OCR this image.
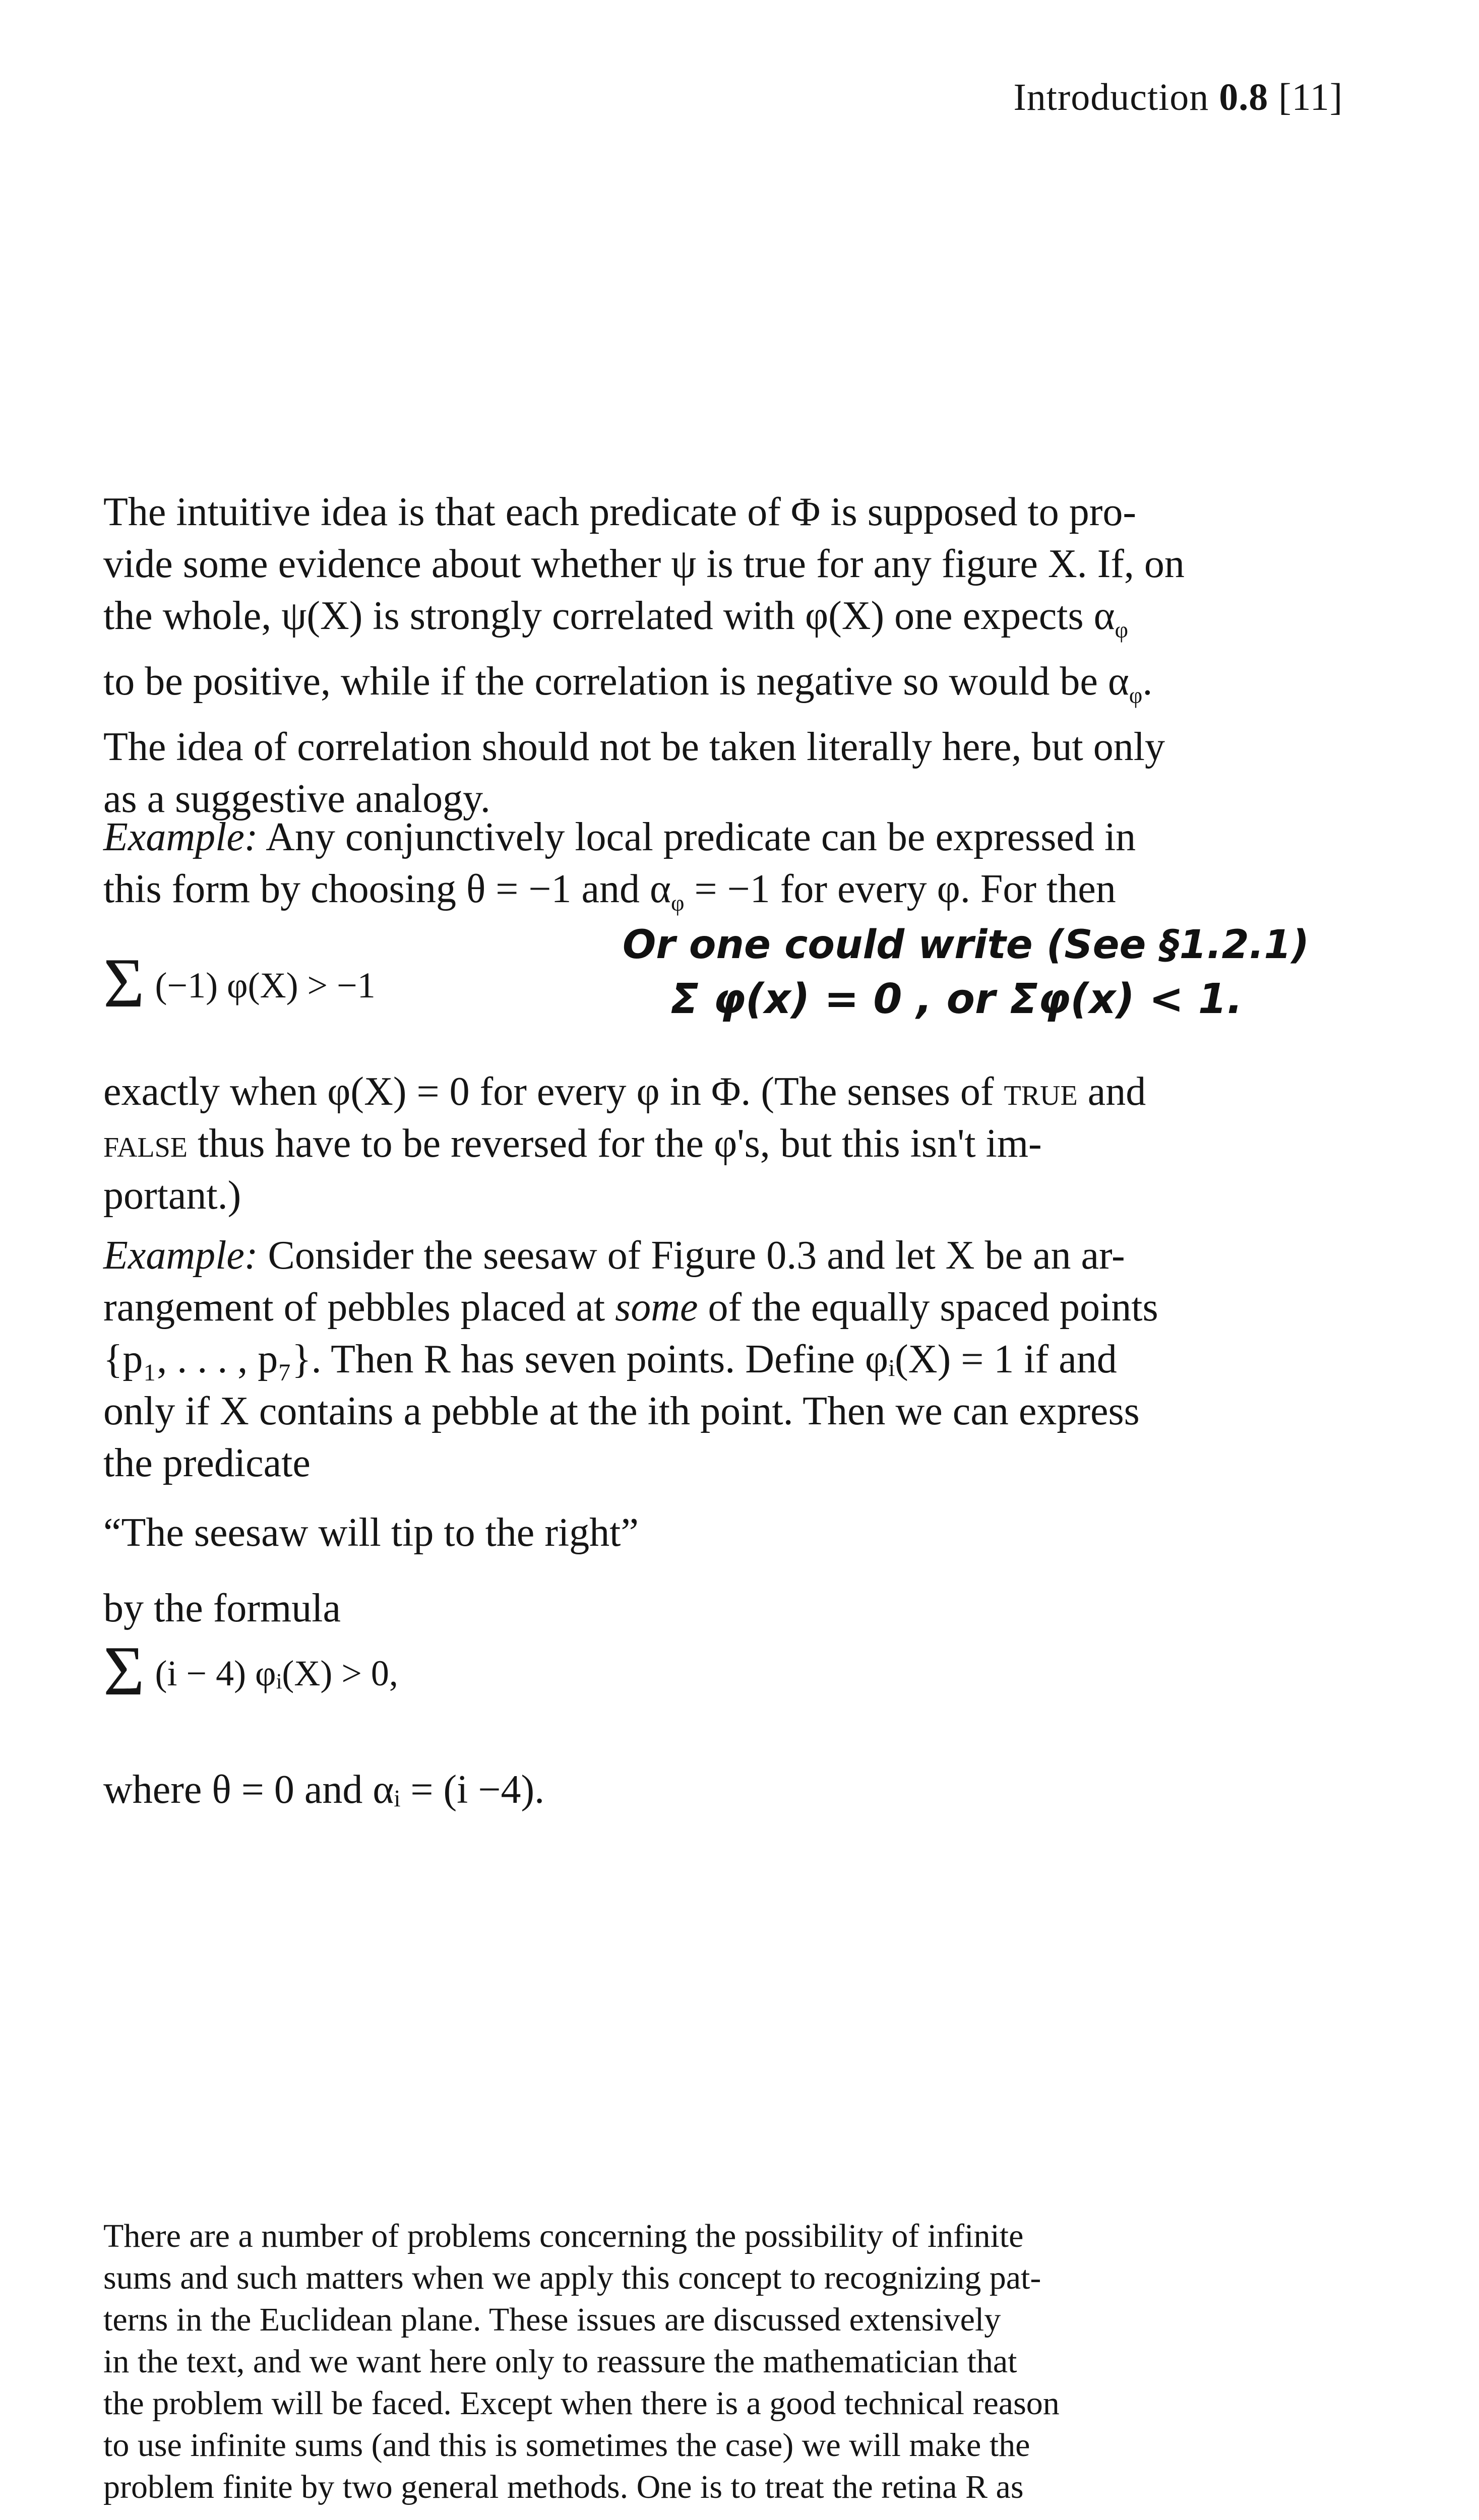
Introduction 0.8 [11]

The intuitive idea is that each predicate of Φ is supposed to pro-

vide some evidence about whether ψ is true for any figure X. If, on

the whole, ψ(X) is strongly correlated with φ(X) one expects $\alpha_\varphi$

to be positive, while if the correlation is negative so would be $\alpha_\varphi$.

The idea of correlation should not be taken literally here, but only

as a suggestive analogy.

Example: Any conjunctively local predicate can be expressed in

this form by choosing θ = −1 and $\alpha_\varphi = -1$ for every φ. For then

Σ (−1) φ(X) > −1
Or one could write (See §1.2.1)
Σ φ(x) = 0 , or Σφ(x) < 1.

exactly when φ(X) = 0 for every φ in Φ. (The senses of true and

false thus have to be reversed for the φ's, but this isn't im-

portant.)

Example: Consider the seesaw of Figure 0.3 and let X be an ar-

rangement of pebbles placed at some of the equally spaced points

{p₁, . . . , p₇}. Then R has seven points. Define φᵢ(X) = 1 if and

only if X contains a pebble at the ith point. Then we can express

the predicate

“The seesaw will tip to the right”

by the formula

Σ (i − 4) φᵢ(X) > 0,

where θ = 0 and αᵢ = (i −4).

There are a number of problems concerning the possibility of infinite

sums and such matters when we apply this concept to recognizing pat-

terns in the Euclidean plane. These issues are discussed extensively

in the text, and we want here only to reassure the mathematician that

the problem will be faced. Except when there is a good technical reason

to use infinite sums (and this is sometimes the case) we will make the

problem finite by two general methods. One is to treat the retina R as
